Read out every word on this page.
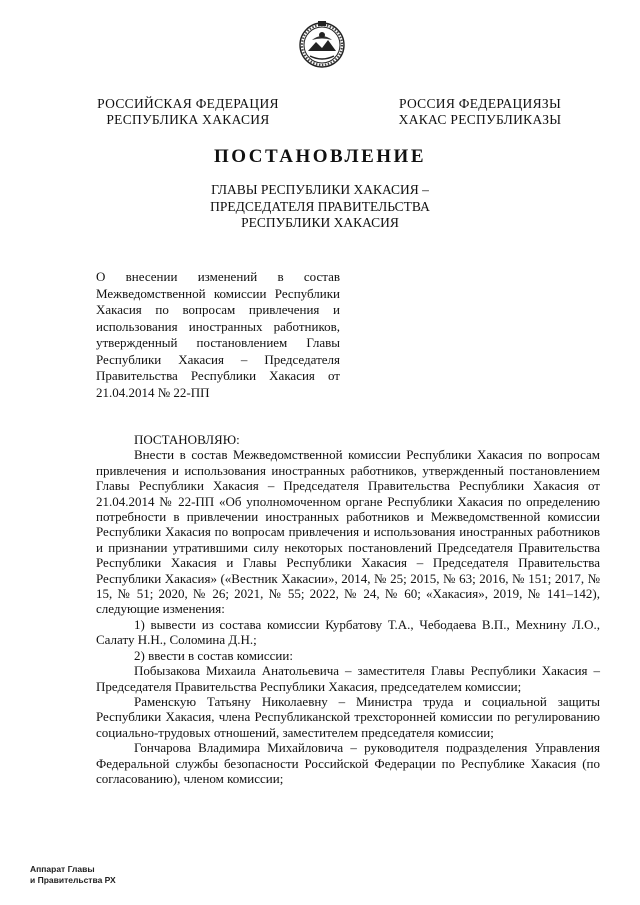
РОССИЙСКАЯ ФЕДЕРАЦИЯ
РЕСПУБЛИКА ХАКАСИЯ
РОССИЯ ФЕДЕРАЦИЯЗЫ
ХАКАС РЕСПУБЛИКАЗЫ
ПОСТАНОВЛЕНИЕ
ГЛАВЫ РЕСПУБЛИКИ ХАКАСИЯ –
ПРЕДСЕДАТЕЛЯ ПРАВИТЕЛЬСТВА
РЕСПУБЛИКИ ХАКАСИЯ
О внесении изменений в состав Межведомственной комиссии Республики Хакасия по вопросам привлечения и использования иностранных работников, утвержденный постановлением Главы Республики Хакасия – Председателя Правительства Республики Хакасия от 21.04.2014 № 22-ПП

ПОСТАНОВЛЯЮ:

Внести в состав Межведомственной комиссии Республики Хакасия по вопросам привлечения и использования иностранных работников, утвержденный постановлением Главы Республики Хакасия – Председателя Правительства Республики Хакасия от 21.04.2014 № 22-ПП «Об уполномоченном органе Республики Хакасия по определению потребности в привлечении иностранных работников и Межведомственной комиссии Республики Хакасия по вопросам привлечения и использования иностранных работников и признании утратившими силу некоторых постановлений Председателя Правительства Республики Хакасия и Главы Республики Хакасия – Председателя Правительства Республики Хакасия» («Вестник Хакасии», 2014, № 25; 2015, № 63; 2016, № 151; 2017, № 15, № 51; 2020, № 26; 2021, № 55; 2022, № 24, № 60; «Хакасия», 2019, № 141–142), следующие изменения:

1) вывести из состава комиссии Курбатову Т.А., Чебодаева В.П., Мехнину Л.О., Салату Н.Н., Соломина Д.Н.;

2) ввести в состав комиссии:

Побызакова Михаила Анатольевича – заместителя Главы Республики Хакасия – Председателя Правительства Республики Хакасия, председателем комиссии;

Раменскую Татьяну Николаевну – Министра труда и социальной защиты Республики Хакасия, члена Республиканской трехсторонней комиссии по регулированию социально-трудовых отношений, заместителем председателя комиссии;

Гончарова Владимира Михайловича – руководителя подразделения Управления Федеральной службы безопасности Российской Федерации по Республике Хакасия (по согласованию), членом комиссии;

Аппарат Главы
и Правительства РХ
